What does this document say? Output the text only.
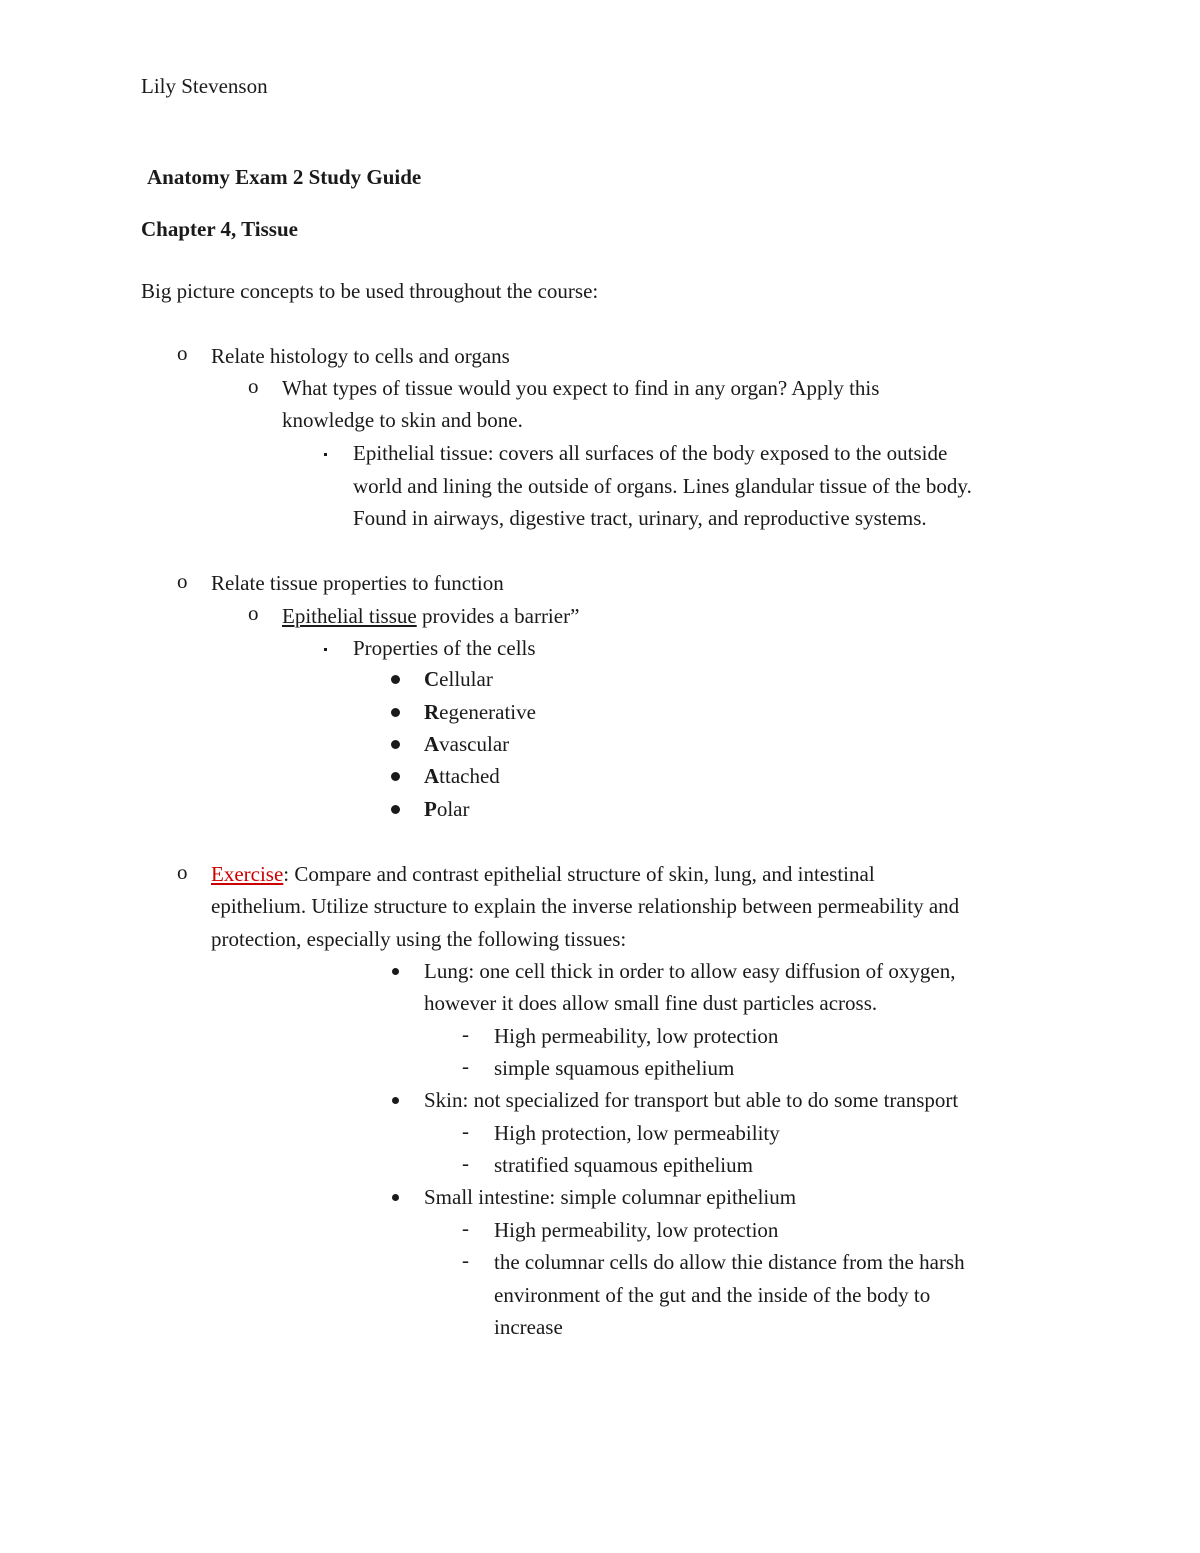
Lily Stevenson
Anatomy Exam 2 Study Guide
Chapter 4, Tissue
Big picture concepts to be used throughout the course:
o Relate histology to cells and organs
o What types of tissue would you expect to find in any organ? Apply this
knowledge to skin and bone.
Epithelial tissue: covers all surfaces of the body exposed to the outside
world and lining the outside of organs. Lines glandular tissue of the body.
Found in airways, digestive tract, urinary, and reproductive systems.
o Relate tissue properties to function
o Epithelial tissue provides a barrier”
Properties of the cells
Cellular
Regenerative
Avascular
Attached
Polar
o Exercise: Compare and contrast epithelial structure of skin, lung, and intestinal
epithelium. Utilize structure to explain the inverse relationship between permeability and
protection, especially using the following tissues:
Lung: one cell thick in order to allow easy diffusion of oxygen,
however it does allow small fine dust particles across.
- High permeability, low protection
- simple squamous epithelium
Skin: not specialized for transport but able to do some transport
- High protection, low permeability
- stratified squamous epithelium
Small intestine: simple columnar epithelium
- High permeability, low protection
- the columnar cells do allow thie distance from the harsh
environment of the gut and the inside of the body to
increase
